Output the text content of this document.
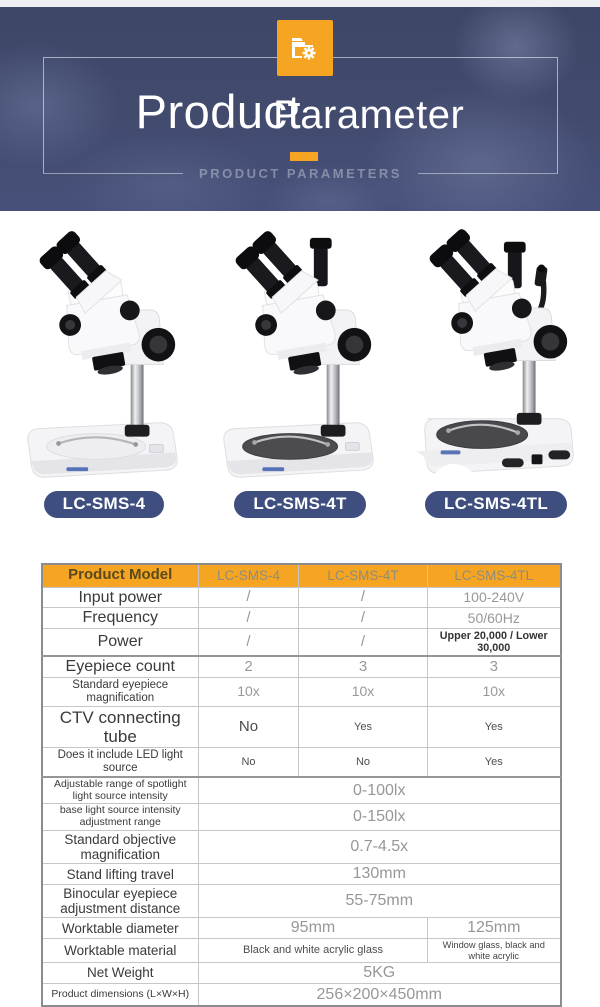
Product
Parameter
PRODUCT PARAMETERS
LC-SMS-4	LC-SMS-4T	LC-SMS-4TL
Product Model	LC-SMS-4	LC-SMS-4T	LC-SMS-4TL
Input power	/	/	100-240V
Frequency	/	/	50/60Hz
Power	/	/	Upper 20,000 / Lower 30,000
Eyepiece count	2	3	3
Standard eyepiece magnification	10x	10x	10x
CTV connecting tube	No	Yes	Yes
Does it include LED light source	No	No	Yes
Adjustable range of spotlight light source intensity	0-100lx		
base light source intensity adjustment range	0-150lx		
Standard objective magnification	0.7-4.5x		
Stand lifting travel	130mm		
Binocular eyepiece adjustment distance	55-75mm		
Worktable diameter	95mm		125mm
Worktable material	Black and white acrylic glass		Window glass, black and white acrylic
Net Weight	5KG		
Product dimensions (L×W×H)	256×200×450mm		
